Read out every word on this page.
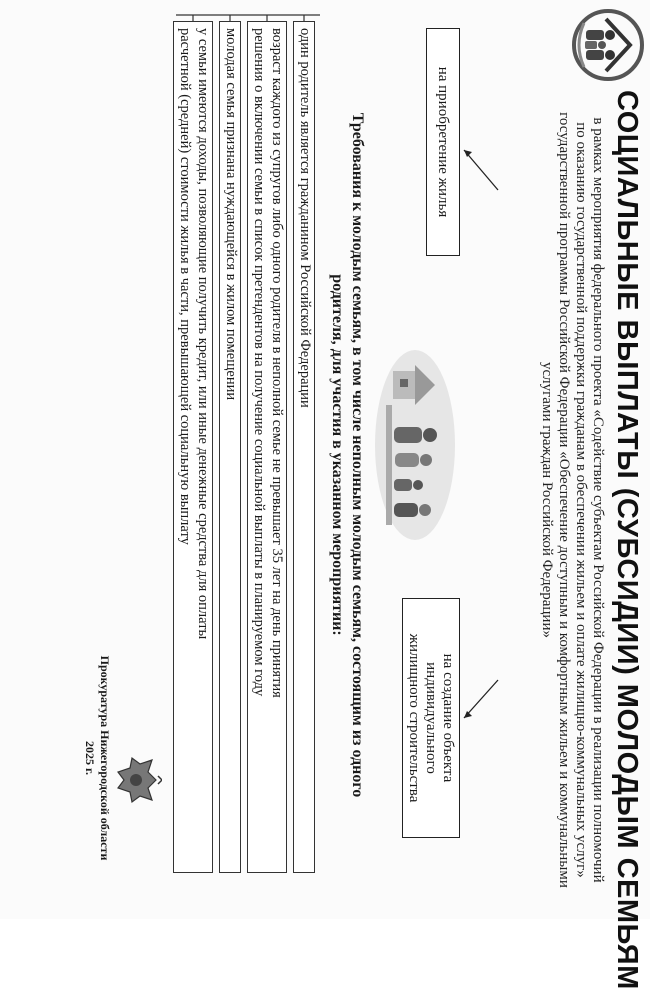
СОЦИАЛЬНЫЕ ВЫПЛАТЫ (СУБСИДИИ) МОЛОДЫМ СЕМЬЯМ
в рамках мероприятия федерального проекта «Содействие субъектам Российской Федерации в реализации полномочий
по оказанию государственной поддержки гражданам в обеспечении жильем и оплате жилищно-коммунальных услуг»
государственной программы Российской Федерации «Обеспечение доступным и комфортным жильем и коммунальными
услугами граждан Российской Федерации»
на приобретение жилья
на создание объекта индивидуального
жилищного строительства
Требования к молодым семьям, в том числе неполным молодым семьям, состоящим из одного
родителя, для участия в указанном мероприятии:
один родитель является гражданином Российской Федерации
возраст каждого из супругов либо одного родителя в неполной семье не превышает 35 лет на день принятия
решения о включении семьи в список претендентов на получение социальной выплаты в планируемом году
молодая семья признана нуждающейся в жилом помещении
у семьи имеются доходы, позволяющие получить кредит, или иные денежные средства для оплаты
расчетной (средней) стоимости жилья в части, превышающей социальную выплату
Прокуратура Нижегородской области
2025 г.
